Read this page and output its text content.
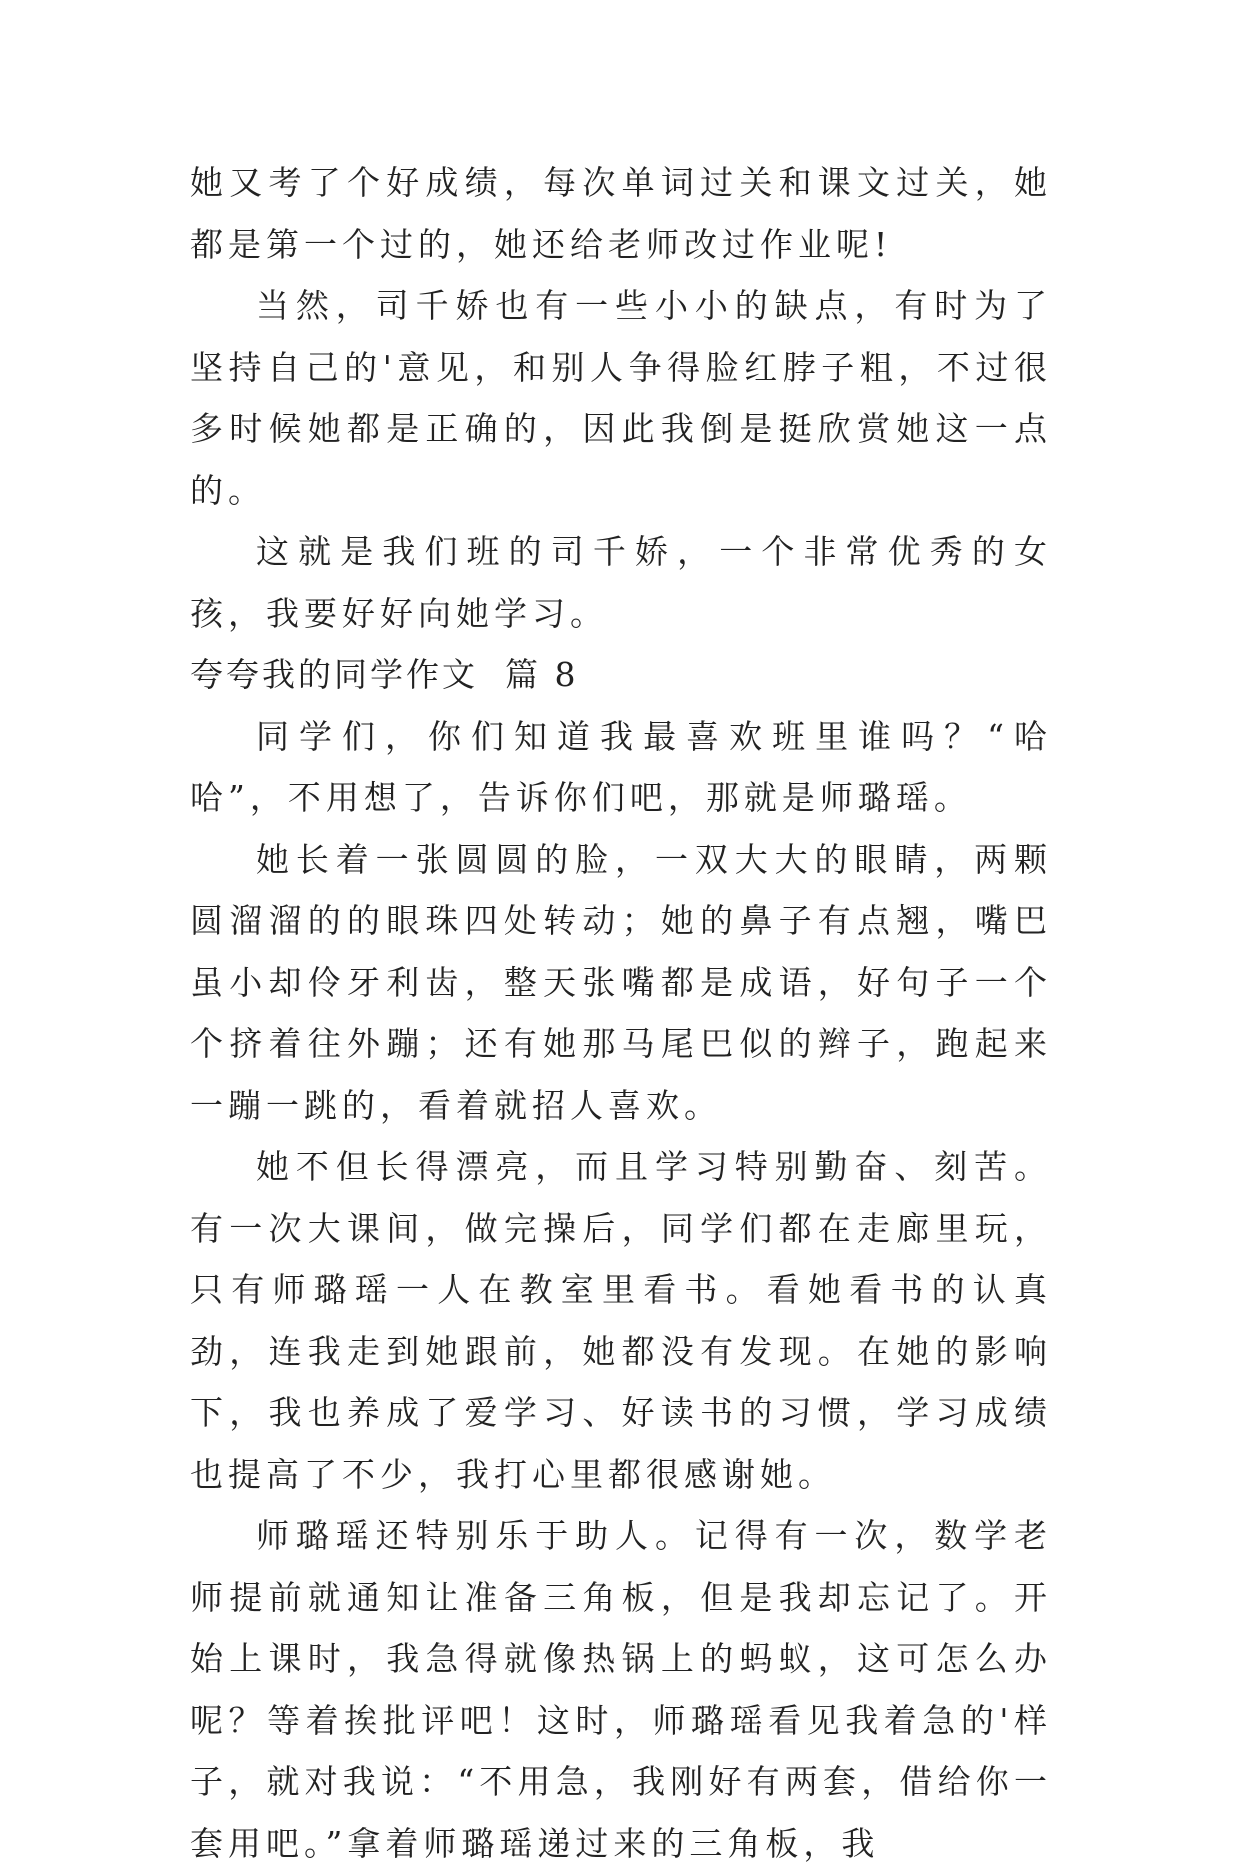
她又考了个好成绩，每次单词过关和课文过关，她都是第一个过的，她还给老师改过作业呢!

当然，司千娇也有一些小小的缺点，有时为了坚持自己的'意见，和别人争得脸红脖子粗，不过很多时候她都是正确的，因此我倒是挺欣赏她这一点的。

这就是我们班的司千娇，一个非常优秀的女孩，我要好好向她学习。

夸夸我的同学作文  篇 8

同学们，你们知道我最喜欢班里谁吗？“哈哈”，不用想了，告诉你们吧，那就是师璐瑶。

她长着一张圆圆的脸，一双大大的眼睛，两颗圆溜溜的的眼珠四处转动；她的鼻子有点翘，嘴巴虽小却伶牙利齿，整天张嘴都是成语，好句子一个个挤着往外蹦；还有她那马尾巴似的辫子，跑起来一蹦一跳的，看着就招人喜欢。

她不但长得漂亮，而且学习特别勤奋、刻苦。有一次大课间，做完操后，同学们都在走廊里玩，只有师璐瑶一人在教室里看书。看她看书的认真劲，连我走到她跟前，她都没有发现。在她的影响下，我也养成了爱学习、好读书的习惯，学习成绩也提高了不少，我打心里都很感谢她。

师璐瑶还特别乐于助人。记得有一次，数学老师提前就通知让准备三角板，但是我却忘记了。开始上课时，我急得就像热锅上的蚂蚁，这可怎么办呢？等着挨批评吧！这时，师璐瑶看见我着急的'样子，就对我说：“不用急，我刚好有两套，借给你一套用吧。”拿着师璐瑶递过来的三角板，我
